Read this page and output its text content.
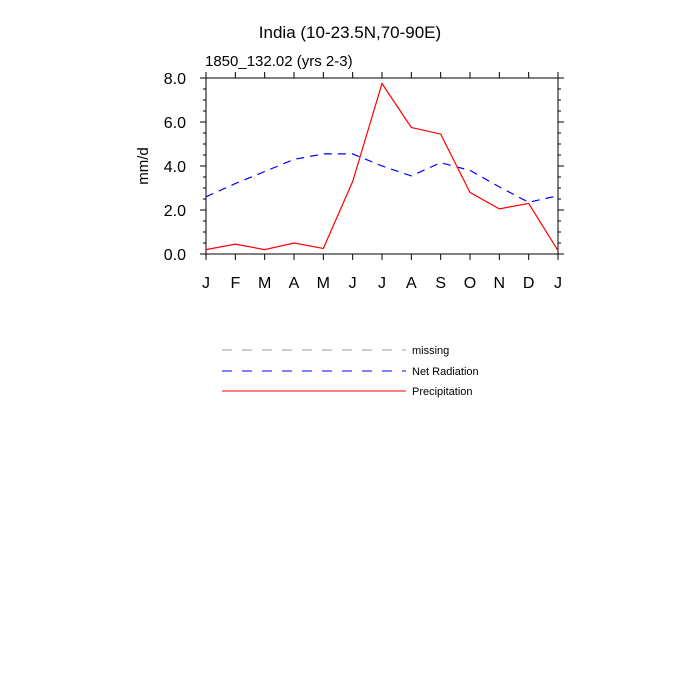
India (10-23.5N,70-90E)
1850_132.02 (yrs 2-3)
mm/d
0.0
2.0
4.0
6.0
8.0
J F M A M J J A S O N D J
missing
Net Radiation
Precipitation
